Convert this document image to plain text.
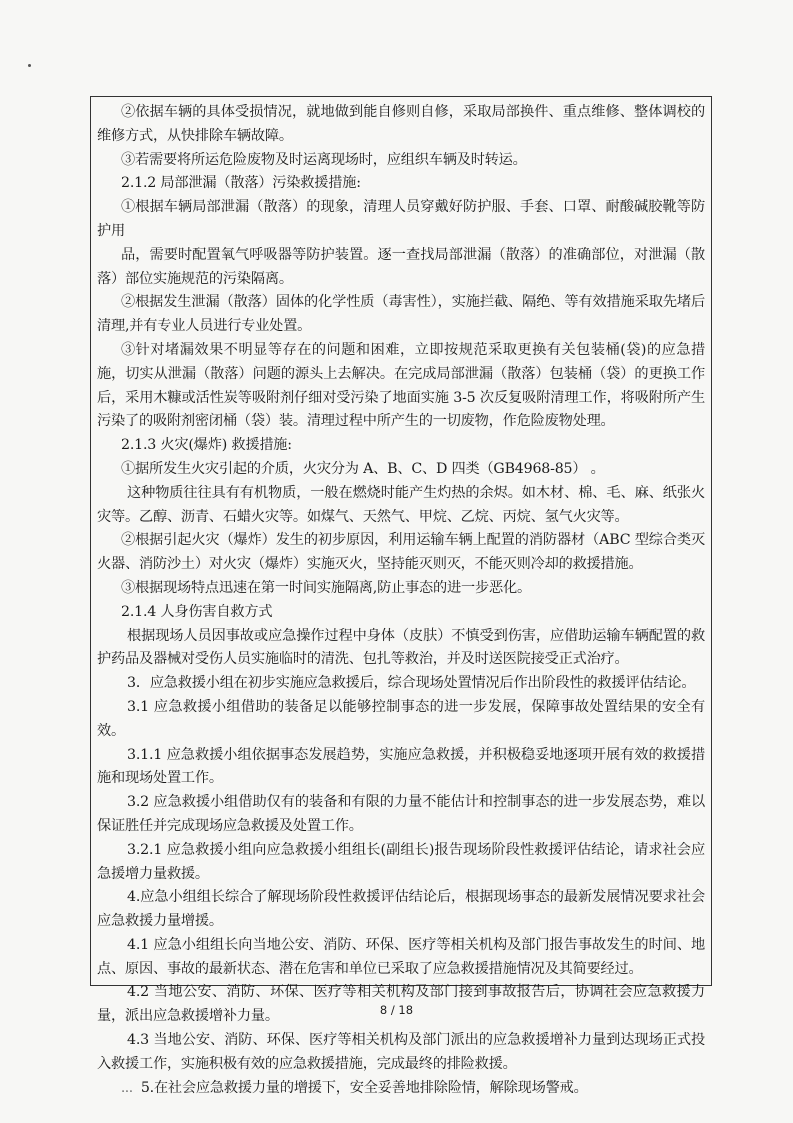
②依据车辆的具体受损情况，就地做到能自修则自修，采取局部换件、重点维修、整体调校的维修方式，从快排除车辆故障。

③若需要将所运危险废物及时运离现场时，应组织车辆及时转运。

2.1.2 局部泄漏（散落）污染救援措施:

①根据车辆局部泄漏（散落）的现象，清理人员穿戴好防护服、手套、口罩、耐酸碱胶靴等防护用

品，需要时配置氧气呼吸器等防护装置。逐一查找局部泄漏（散落）的准确部位，对泄漏（散落）部位实施规范的污染隔离。

②根据发生泄漏（散落）固体的化学性质（毒害性），实施拦截、隔绝、等有效措施采取先堵后清理,并有专业人员进行专业处置。

③针对堵漏效果不明显等存在的问题和困难，立即按规范采取更换有关包装桶(袋)的应急措施，切实从泄漏（散落）问题的源头上去解决。在完成局部泄漏（散落）包装桶（袋）的更换工作后，采用木糠或活性炭等吸附剂仔细对受污染了地面实施 3-5 次反复吸附清理工作，将吸附所产生污染了的吸附剂密闭桶（袋）装。清理过程中所产生的一切废物，作危险废物处理。

2.1.3 火灾(爆炸) 救援措施:

①据所发生火灾引起的介质，火灾分为 A、B、C、D 四类（GB4968-85） 。

这种物质往往具有有机物质，一般在燃烧时能产生灼热的余烬。如木材、棉、毛、麻、纸张火灾等。乙醇、沥青、石蜡火灾等。如煤气、天然气、甲烷、乙烷、丙烷、氢气火灾等。

②根据引起火灾（爆炸）发生的初步原因，利用运输车辆上配置的消防器材（ABC 型综合类灭火器、消防沙土）对火灾（爆炸）实施灭火，坚持能灭则灭，不能灭则冷却的救援措施。

③根据现场特点迅速在第一时间实施隔离,防止事态的进一步恶化。

2.1.4 人身伤害自救方式

根据现场人员因事故或应急操作过程中身体（皮肤）不慎受到伤害，应借助运输车辆配置的救护药品及器械对受伤人员实施临时的清洗、包扎等救治，并及时送医院接受正式治疗。

3．应急救援小组在初步实施应急救援后，综合现场处置情况后作出阶段性的救援评估结论。

3.1 应急救援小组借助的装备足以能够控制事态的进一步发展，保障事故处置结果的安全有效。

3.1.1 应急救援小组依据事态发展趋势，实施应急救援，并积极稳妥地逐项开展有效的救援措施和现场处置工作。

3.2 应急救援小组借助仅有的装备和有限的力量不能估计和控制事态的进一步发展态势，难以保证胜任并完成现场应急救援及处置工作。

3.2.1 应急救援小组向应急救援小组组长(副组长)报告现场阶段性救援评估结论，请求社会应急援增力量救援。

4.应急小组组长综合了解现场阶段性救援评估结论后，根据现场事态的最新发展情况要求社会应急救援力量增援。

4.1 应急小组组长向当地公安、消防、环保、医疗等相关机构及部门报告事故发生的时间、地点、原因、事故的最新状态、潜在危害和单位已采取了应急救援措施情况及其简要经过。

4.2 当地公安、消防、环保、医疗等相关机构及部门接到事故报告后，协调社会应急救援力量，派出应急救援增补力量。

4.3 当地公安、消防、环保、医疗等相关机构及部门派出的应急救援增补力量到达现场正式投入救援工作，实施积极有效的应急救援措施，完成最终的排险救援。

... 5.在社会应急救援力量的增援下，安全妥善地排除险情，解除现场警戒。

8 / 18
